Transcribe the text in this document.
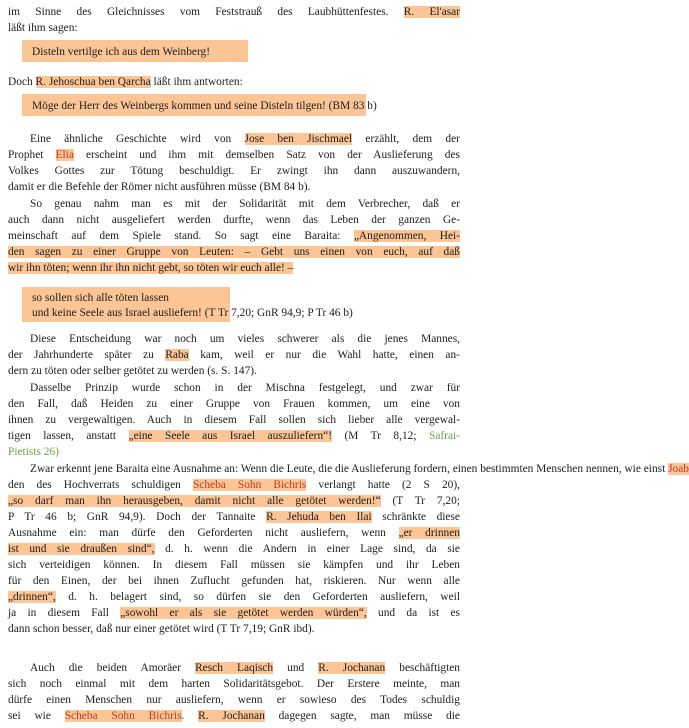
im Sinne des Gleichnisses vom Feststrauß des Laubhüttenfestes. R. El'asar
läßt ihm sagen:
Disteln vertilge ich aus dem Weinberg!
Doch R. Jehoschua ben Qarcha läßt ihm antworten:
Möge der Herr des Weinbergs kommen und seine Disteln tilgen! (BM 83 b)
Eine ähnliche Geschichte wird von Jose ben Jischmael erzählt, dem der
Prophet Elia erscheint und ihm mit demselben Satz von der Auslieferung des
Volkes Gottes zur Tötung beschuldigt. Er zwingt ihn dann auszuwandern,
damit er die Befehle der Römer nicht ausführen müsse (BM 84 b).
So genau nahm man es mit der Solidarität mit dem Verbrecher, daß er
auch dann nicht ausgeliefert werden durfte, wenn das Leben der ganzen Ge-
meinschaft auf dem Spiele stand. So sagt eine Baraita: „Angenommen, Hei-
den sagen zu einer Gruppe von Leuten: – Gebt uns einen von euch, auf daß
wir ihn töten; wenn ihr ihn nicht gebt, so töten wir euch alle! –
so sollen sich alle töten lassen
und keine Seele aus Israel ausliefern! (T Tr 7,20; GnR 94,9; P Tr 46 b)
Diese Entscheidung war noch um vieles schwerer als die jenes Mannes,
der Jahrhunderte später zu Raba kam, weil er nur die Wahl hatte, einen an-
dern zu töten oder selber getötet zu werden (s. S. 147).
Dasselbe Prinzip wurde schon in der Mischna festgelegt, und zwar für
den Fall, daß Heiden zu einer Gruppe von Frauen kommen, um eine von
ihnen zu vergewaltigen. Auch in diesem Fall sollen sich lieber alle vergewal-
tigen lassen, anstatt „eine Seele aus Israel auszuliefern“! (M Tr 8,12; Safrai-
Pietists 26)
Zwar erkennt jene Baraita eine Ausnahme an: Wenn die Leute, die die Auslieferung fordern, einen bestimmten Menschen nennen, wie einst Joab
den des Hochverrats schuldigen Scheba Sohn Bichris verlangt hatte (2 S 20),
„so darf man ihn herausgeben, damit nicht alle getötet werden!“ (T Tr 7,20;
P Tr 46 b; GnR 94,9). Doch der Tannaite R. Jehuda ben Ilai schränkte diese
Ausnahme ein: man dürfe den Geforderten nicht ausliefern, wenn „er drinnen
ist und sie draußen sind“, d. h. wenn die Andern in einer Lage sind, da sie
sich verteidigen können. In diesem Fall müssen sie kämpfen und ihr Leben
für den Einen, der bei ihnen Zuflucht gefunden hat, riskieren. Nur wenn alle
„drinnen“, d. h. belagert sind, so dürfen sie den Geforderten ausliefern, weil
ja in diesem Fall „sowohl er als sie getötet werden würden“, und da ist es
dann schon besser, daß nur einer getötet wird (T Tr 7,19; GnR ibd).
Auch die beiden Amoräer Resch Laqisch und R. Jochanan beschäftigten
sich noch einmal mit dem harten Solidaritätsgebot. Der Erstere meinte, man
dürfe einen Menschen nur ausliefern, wenn er sowieso des Todes schuldig
sei wie Scheba Sohn Bichris. R. Jochanan dagegen sagte, man müsse die
